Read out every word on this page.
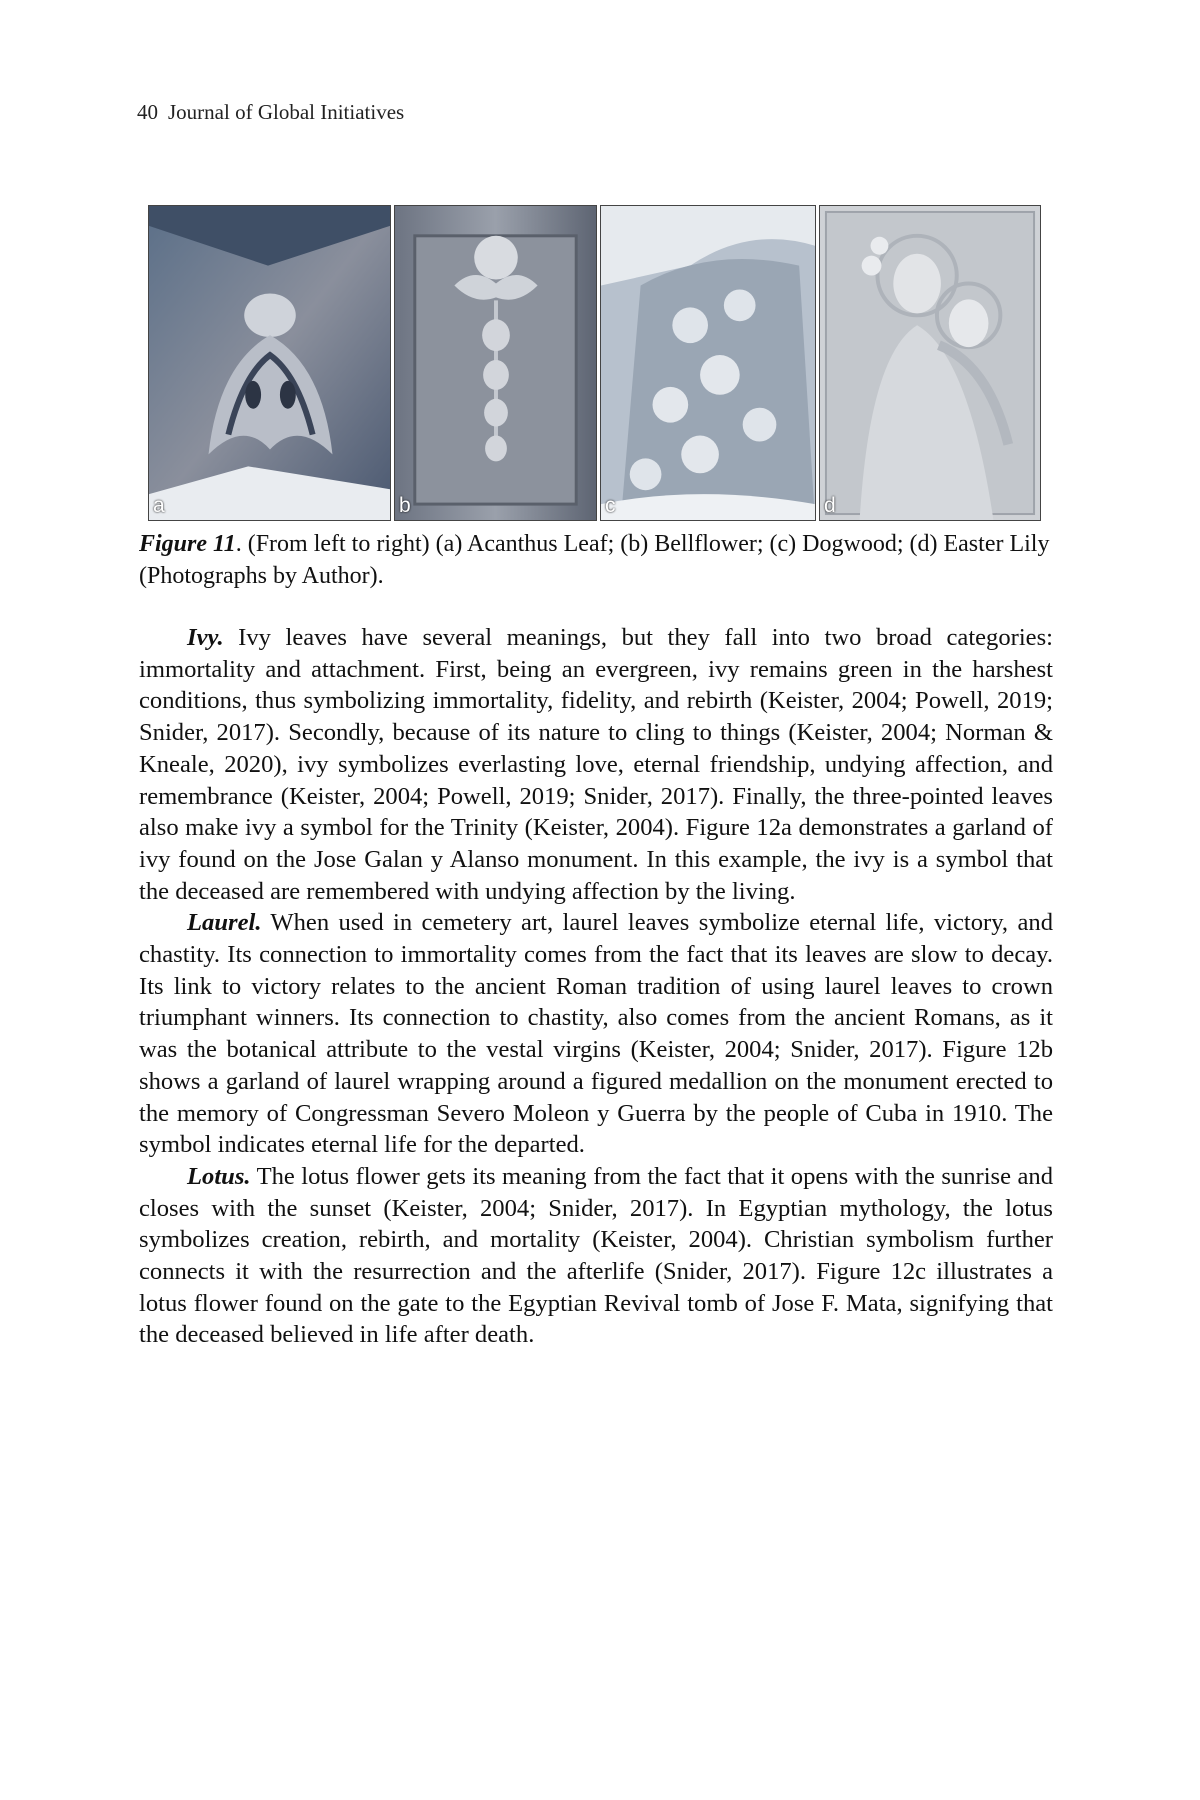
40 Journal of Global Initiatives
a	b	c	d
Figure 11. (From left to right) (a) Acanthus Leaf; (b) Bellflower; (c) Dogwood; (d) Easter Lily (Photographs by Author).

Ivy. Ivy leaves have several meanings, but they fall into two broad categories: immortality and attachment. First, being an evergreen, ivy remains green in the harshest conditions, thus symbolizing immortality, fidelity, and rebirth (Keister, 2004; Powell, 2019; Snider, 2017). Secondly, because of its nature to cling to things (Keister, 2004; Norman & Kneale, 2020), ivy symbolizes everlasting love, eternal friendship, undying affection, and remembrance (Keister, 2004; Powell, 2019; Snider, 2017). Finally, the three-pointed leaves also make ivy a symbol for the Trinity (Keister, 2004). Figure 12a demonstrates a garland of ivy found on the Jose Galan y Alanso monument. In this example, the ivy is a symbol that the deceased are remembered with undying affection by the living.

Laurel. When used in cemetery art, laurel leaves symbolize eternal life, victory, and chastity. Its connection to immortality comes from the fact that its leaves are slow to decay. Its link to victory relates to the ancient Roman tradition of using laurel leaves to crown triumphant winners. Its connection to chastity, also comes from the ancient Romans, as it was the botanical attribute to the vestal virgins (Keister, 2004; Snider, 2017). Figure 12b shows a garland of laurel wrapping around a figured medallion on the monument erected to the memory of Congressman Severo Moleon y Guerra by the people of Cuba in 1910. The symbol indicates eternal life for the departed.

Lotus. The lotus flower gets its meaning from the fact that it opens with the sunrise and closes with the sunset (Keister, 2004; Snider, 2017). In Egyptian mythology, the lotus symbolizes creation, rebirth, and mortality (Keister, 2004). Christian symbolism further connects it with the resurrection and the afterlife (Snider, 2017). Figure 12c illustrates a lotus flower found on the gate to the Egyptian Revival tomb of Jose F. Mata, signifying that the deceased believed in life after death.
